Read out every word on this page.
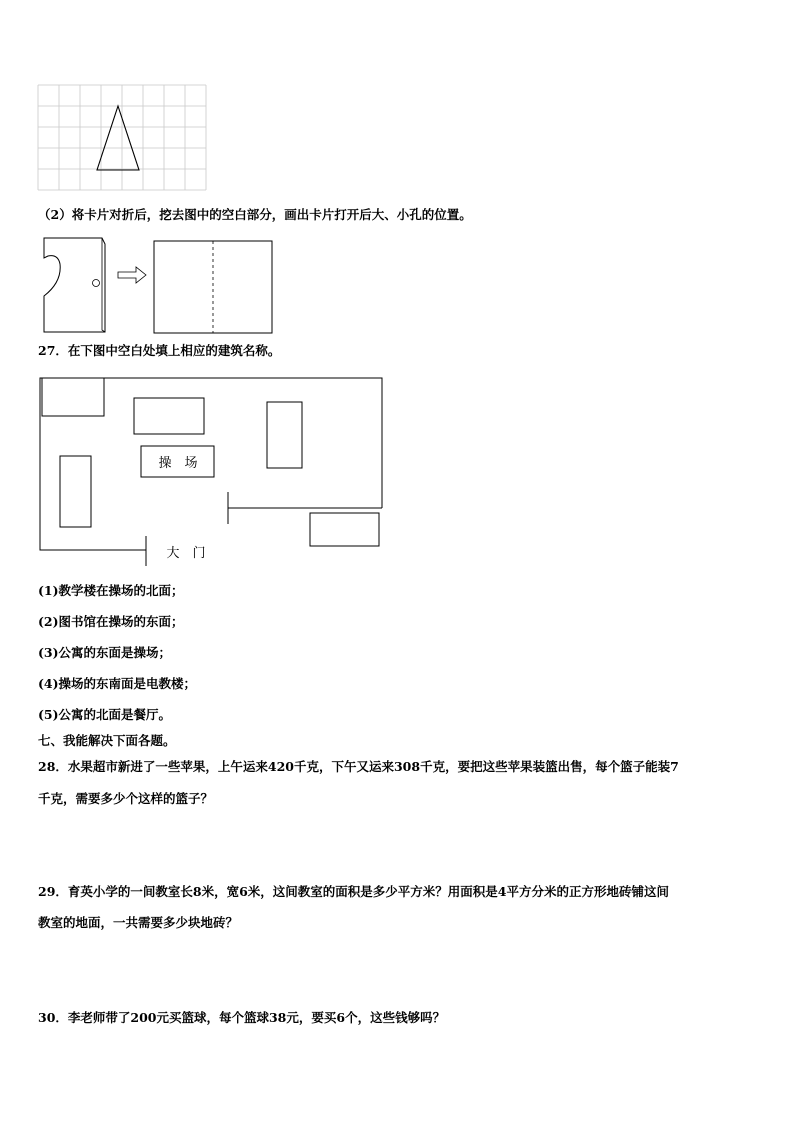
（2）将卡片对折后，挖去图中的空白部分，画出卡片打开后大、小孔的位置。
27．在下图中空白处填上相应的建筑名称。
操　场
大　门
(1)教学楼在操场的北面；
(2)图书馆在操场的东面；
(3)公寓的东面是操场；
(4)操场的东南面是电教楼；
(5)公寓的北面是餐厅。
七、我能解决下面各题。
28．水果超市新进了一些苹果，上午运来420千克，下午又运来308千克，要把这些苹果装篮出售，每个篮子能装7
千克，需要多少个这样的篮子？
29．育英小学的一间教室长8米，宽6米，这间教室的面积是多少平方米？用面积是4平方分米的正方形地砖铺这间
教室的地面，一共需要多少块地砖？
30．李老师带了200元买篮球，每个篮球38元，要买6个，这些钱够吗？
